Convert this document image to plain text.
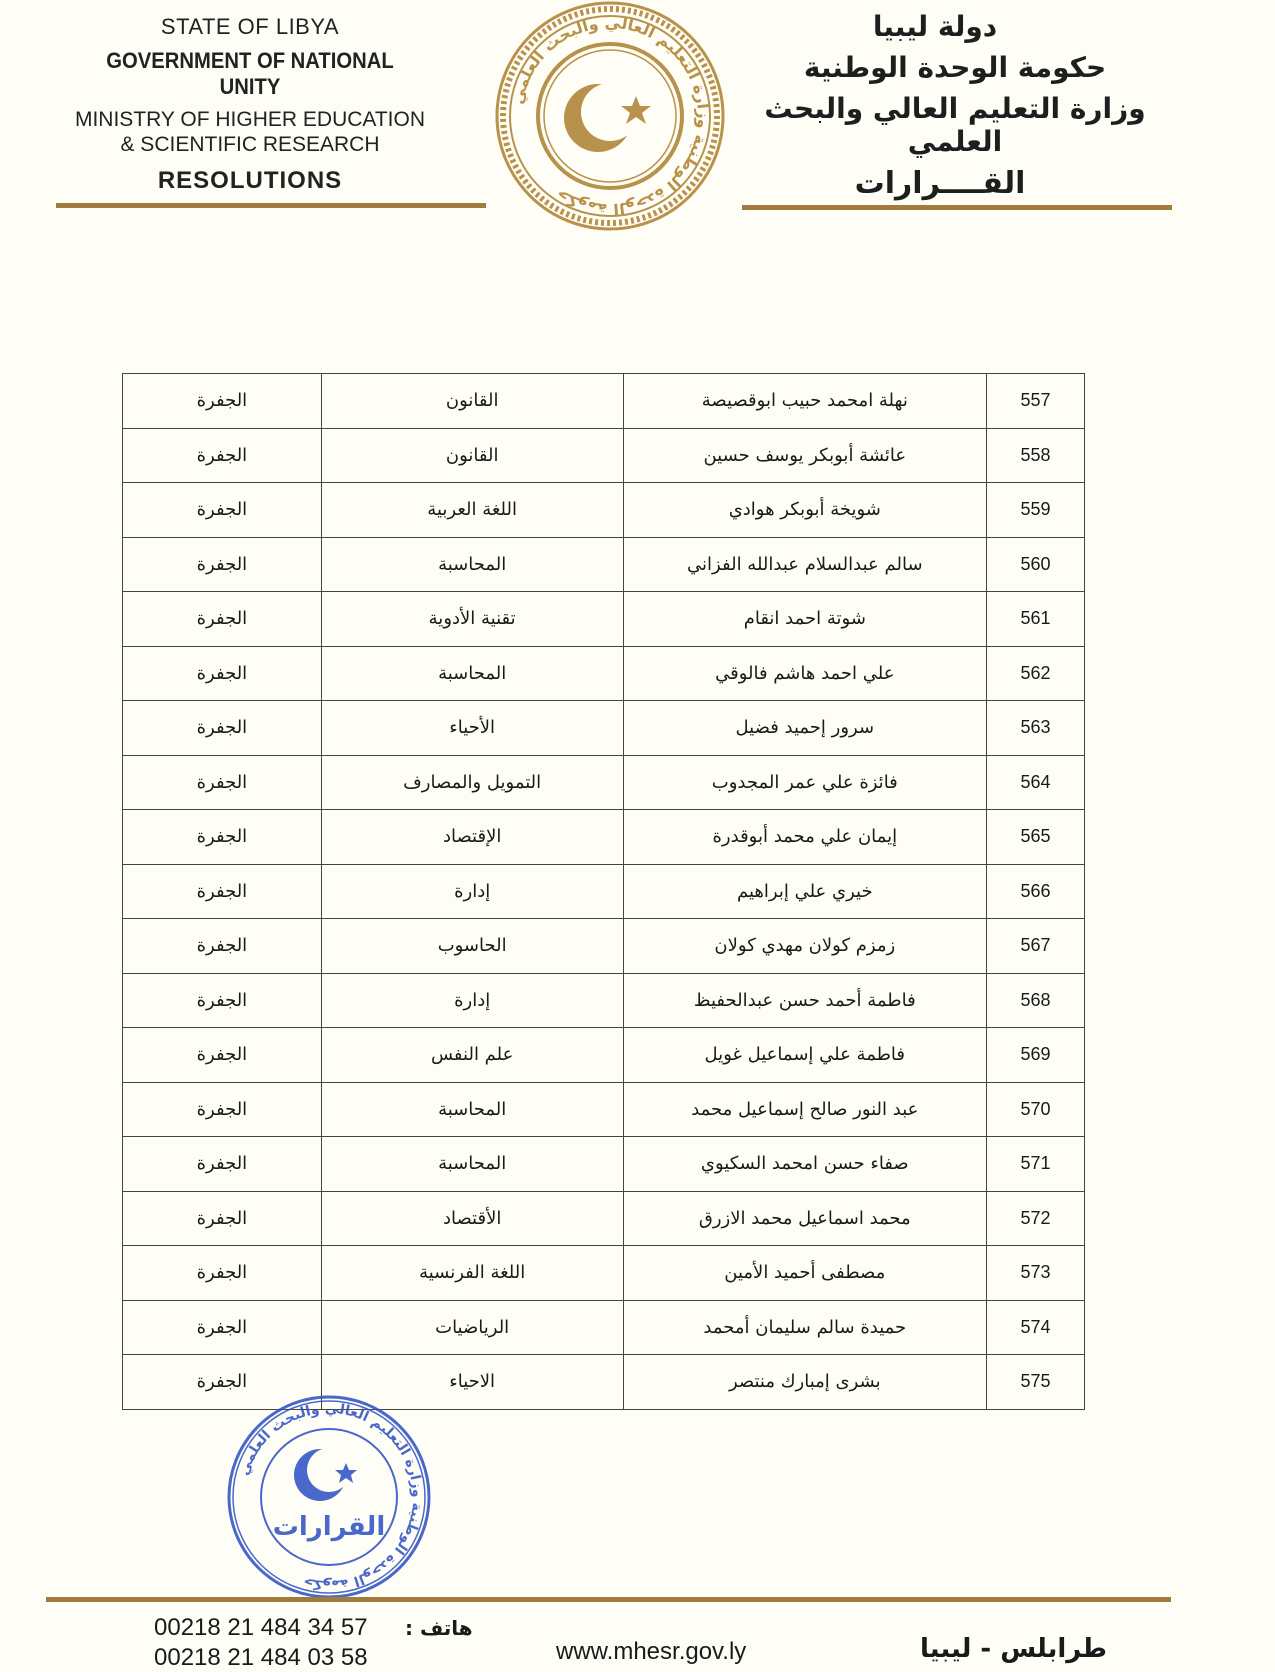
STATE OF LIBYA
GOVERNMENT OF NATIONAL UNITY
MINISTRY OF HIGHER EDUCATION
& SCIENTIFIC RESEARCH
RESOLUTIONS
دولة ليبيا
حكومة الوحدة الوطنية
وزارة التعليم العالي والبحث العلمي
القــــرارات
حكومة الوحدة الوطنية وزارة التعليم العالي والبحث العلمي
557	نهلة امحمد حبيب ابوقصيصة	القانون	الجفرة
558	عائشة أبوبكر يوسف حسين	القانون	الجفرة
559	شويخة أبوبكر هوادي	اللغة العربية	الجفرة
560	سالم عبدالسلام عبدالله الفزاني	المحاسبة	الجفرة
561	شوتة احمد انقام	تقنية الأدوية	الجفرة
562	علي احمد هاشم فالوقي	المحاسبة	الجفرة
563	سرور إحميد فضيل	الأحياء	الجفرة
564	فائزة علي عمر المجدوب	التمويل والمصارف	الجفرة
565	إيمان علي محمد أبوقدرة	الإقتصاد	الجفرة
566	خيري علي إبراهيم	إدارة	الجفرة
567	زمزم كولان مهدي كولان	الحاسوب	الجفرة
568	فاطمة أحمد حسن عبدالحفيظ	إدارة	الجفرة
569	فاطمة علي إسماعيل غويل	علم النفس	الجفرة
570	عبد النور صالح إسماعيل محمد	المحاسبة	الجفرة
571	صفاء حسن امحمد السكيوي	المحاسبة	الجفرة
572	محمد اسماعيل محمد الازرق	الأقتصاد	الجفرة
573	مصطفى أحميد الأمين	اللغة الفرنسية	الجفرة
574	حميدة سالم سليمان أمحمد	الرياضيات	الجفرة
575	بشرى إمبارك منتصر	الاحياء	الجفرة
حكومة الوحدة الوطنية وزارة التعليم العالي والبحث العلمي
القرارات
00218 21 484 34 57
00218 21 484 03 58
هاتف :
www.mhesr.gov.ly	طرابلس - ليبيا
